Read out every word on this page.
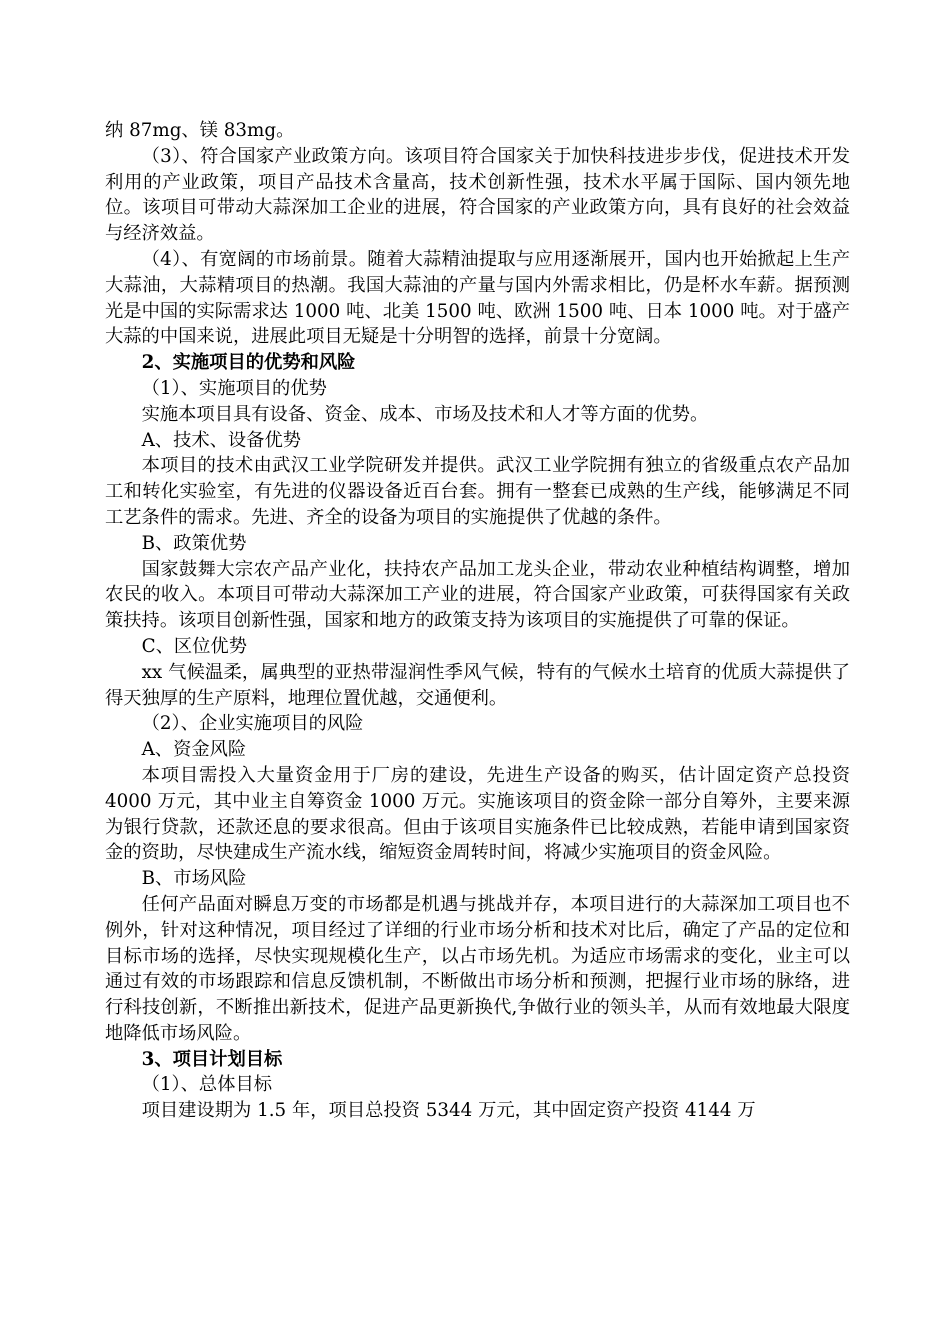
纳 87mg、镁 83mg。

（3）、符合国家产业政策方向。该项目符合国家关于加快科技进步步伐，促进技术开发利用的产业政策，项目产品技术含量高，技术创新性强，技术水平属于国际、国内领先地位。该项目可带动大蒜深加工企业的进展，符合国家的产业政策方向，具有良好的社会效益与经济效益。

（4）、有宽阔的市场前景。随着大蒜精油提取与应用逐渐展开，国内也开始掀起上生产大蒜油，大蒜精项目的热潮。我国大蒜油的产量与国内外需求相比，仍是杯水车薪。据预测光是中国的实际需求达 1000 吨、北美 1500 吨、欧洲 1500 吨、日本 1000 吨。对于盛产大蒜的中国来说，进展此项目无疑是十分明智的选择，前景十分宽阔。

2、实施项目的优势和风险

（1）、实施项目的优势

实施本项目具有设备、资金、成本、市场及技术和人才等方面的优势。

A、技术、设备优势

本项目的技术由武汉工业学院研发并提供。武汉工业学院拥有独立的省级重点农产品加工和转化实验室，有先进的仪器设备近百台套。拥有一整套已成熟的生产线，能够满足不同工艺条件的需求。先进、齐全的设备为项目的实施提供了优越的条件。

B、政策优势

国家鼓舞大宗农产品产业化，扶持农产品加工龙头企业，带动农业种植结构调整，增加农民的收入。本项目可带动大蒜深加工产业的进展，符合国家产业政策，可获得国家有关政策扶持。该项目创新性强，国家和地方的政策支持为该项目的实施提供了可靠的保证。

C、区位优势

xx 气候温柔，属典型的亚热带湿润性季风气候，特有的气候水土培育的优质大蒜提供了得天独厚的生产原料，地理位置优越，交通便利。

（2）、企业实施项目的风险

A、资金风险

本项目需投入大量资金用于厂房的建设，先进生产设备的购买，估计固定资产总投资 4000 万元，其中业主自筹资金 1000 万元。实施该项目的资金除一部分自筹外，主要来源为银行贷款，还款还息的要求很高。但由于该项目实施条件已比较成熟，若能申请到国家资金的资助，尽快建成生产流水线，缩短资金周转时间，将减少实施项目的资金风险。

B、市场风险

任何产品面对瞬息万变的市场都是机遇与挑战并存，本项目进行的大蒜深加工项目也不例外，针对这种情况，项目经过了详细的行业市场分析和技术对比后，确定了产品的定位和目标市场的选择，尽快实现规模化生产，以占市场先机。为适应市场需求的变化，业主可以通过有效的市场跟踪和信息反馈机制，不断做出市场分析和预测，把握行业市场的脉络，进行科技创新，不断推出新技术，促进产品更新换代,争做行业的领头羊，从而有效地最大限度地降低市场风险。

3、项目计划目标

（1）、总体目标

项目建设期为 1.5 年，项目总投资 5344 万元，其中固定资产投资 4144 万
